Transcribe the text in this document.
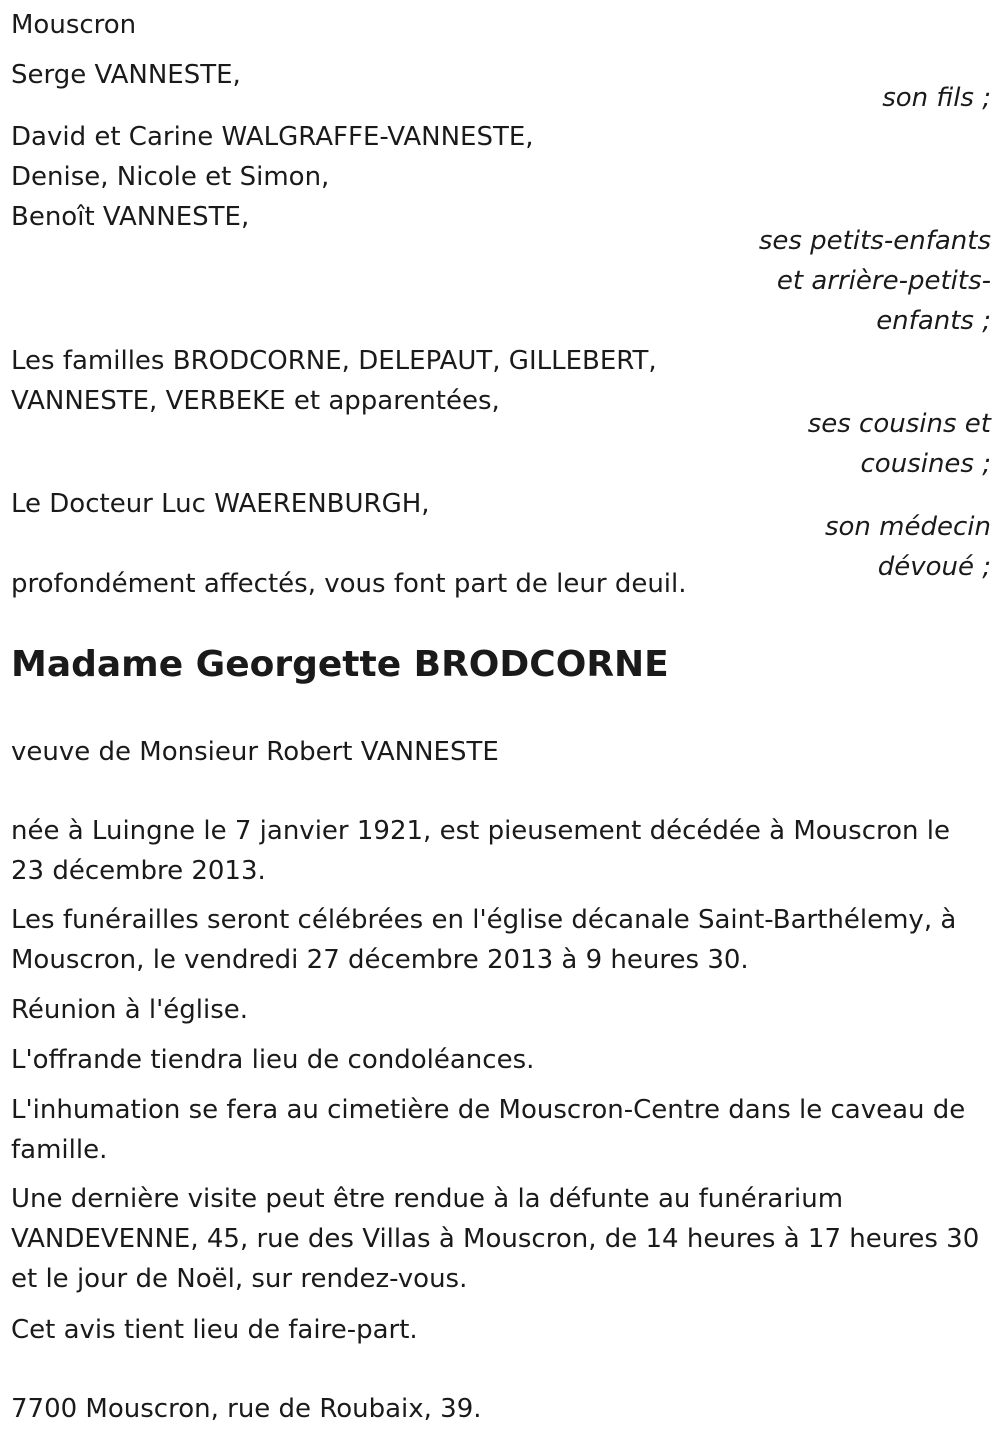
Mouscron
Serge VANNESTE,
son fils ;
David et Carine WALGRAFFE-VANNESTE,
Denise, Nicole et Simon,
Benoît VANNESTE,
ses petits-enfants
et arrière-petits-
enfants ;
Les familles BRODCORNE, DELEPAUT, GILLEBERT,
VANNESTE, VERBEKE et apparentées,
ses cousins et
cousines ;
Le Docteur Luc WAERENBURGH,
son médecin
dévoué ;
profondément affectés, vous font part de leur deuil.
Madame Georgette BRODCORNE
veuve de Monsieur Robert VANNESTE
née à Luingne le 7 janvier 1921, est pieusement décédée à Mouscron le 23 décembre 2013.
Les funérailles seront célébrées en l'église décanale Saint-Barthélemy, à Mouscron, le vendredi 27 décembre 2013 à 9 heures 30.
Réunion à l'église.
L'offrande tiendra lieu de condoléances.
L'inhumation se fera au cimetière de Mouscron-Centre dans le caveau de famille.
Une dernière visite peut être rendue à la défunte au funérarium VANDEVENNE, 45, rue des Villas à Mouscron, de 14 heures à 17 heures 30 et le jour de Noël, sur rendez-vous.
Cet avis tient lieu de faire-part.
7700 Mouscron, rue de Roubaix, 39.
